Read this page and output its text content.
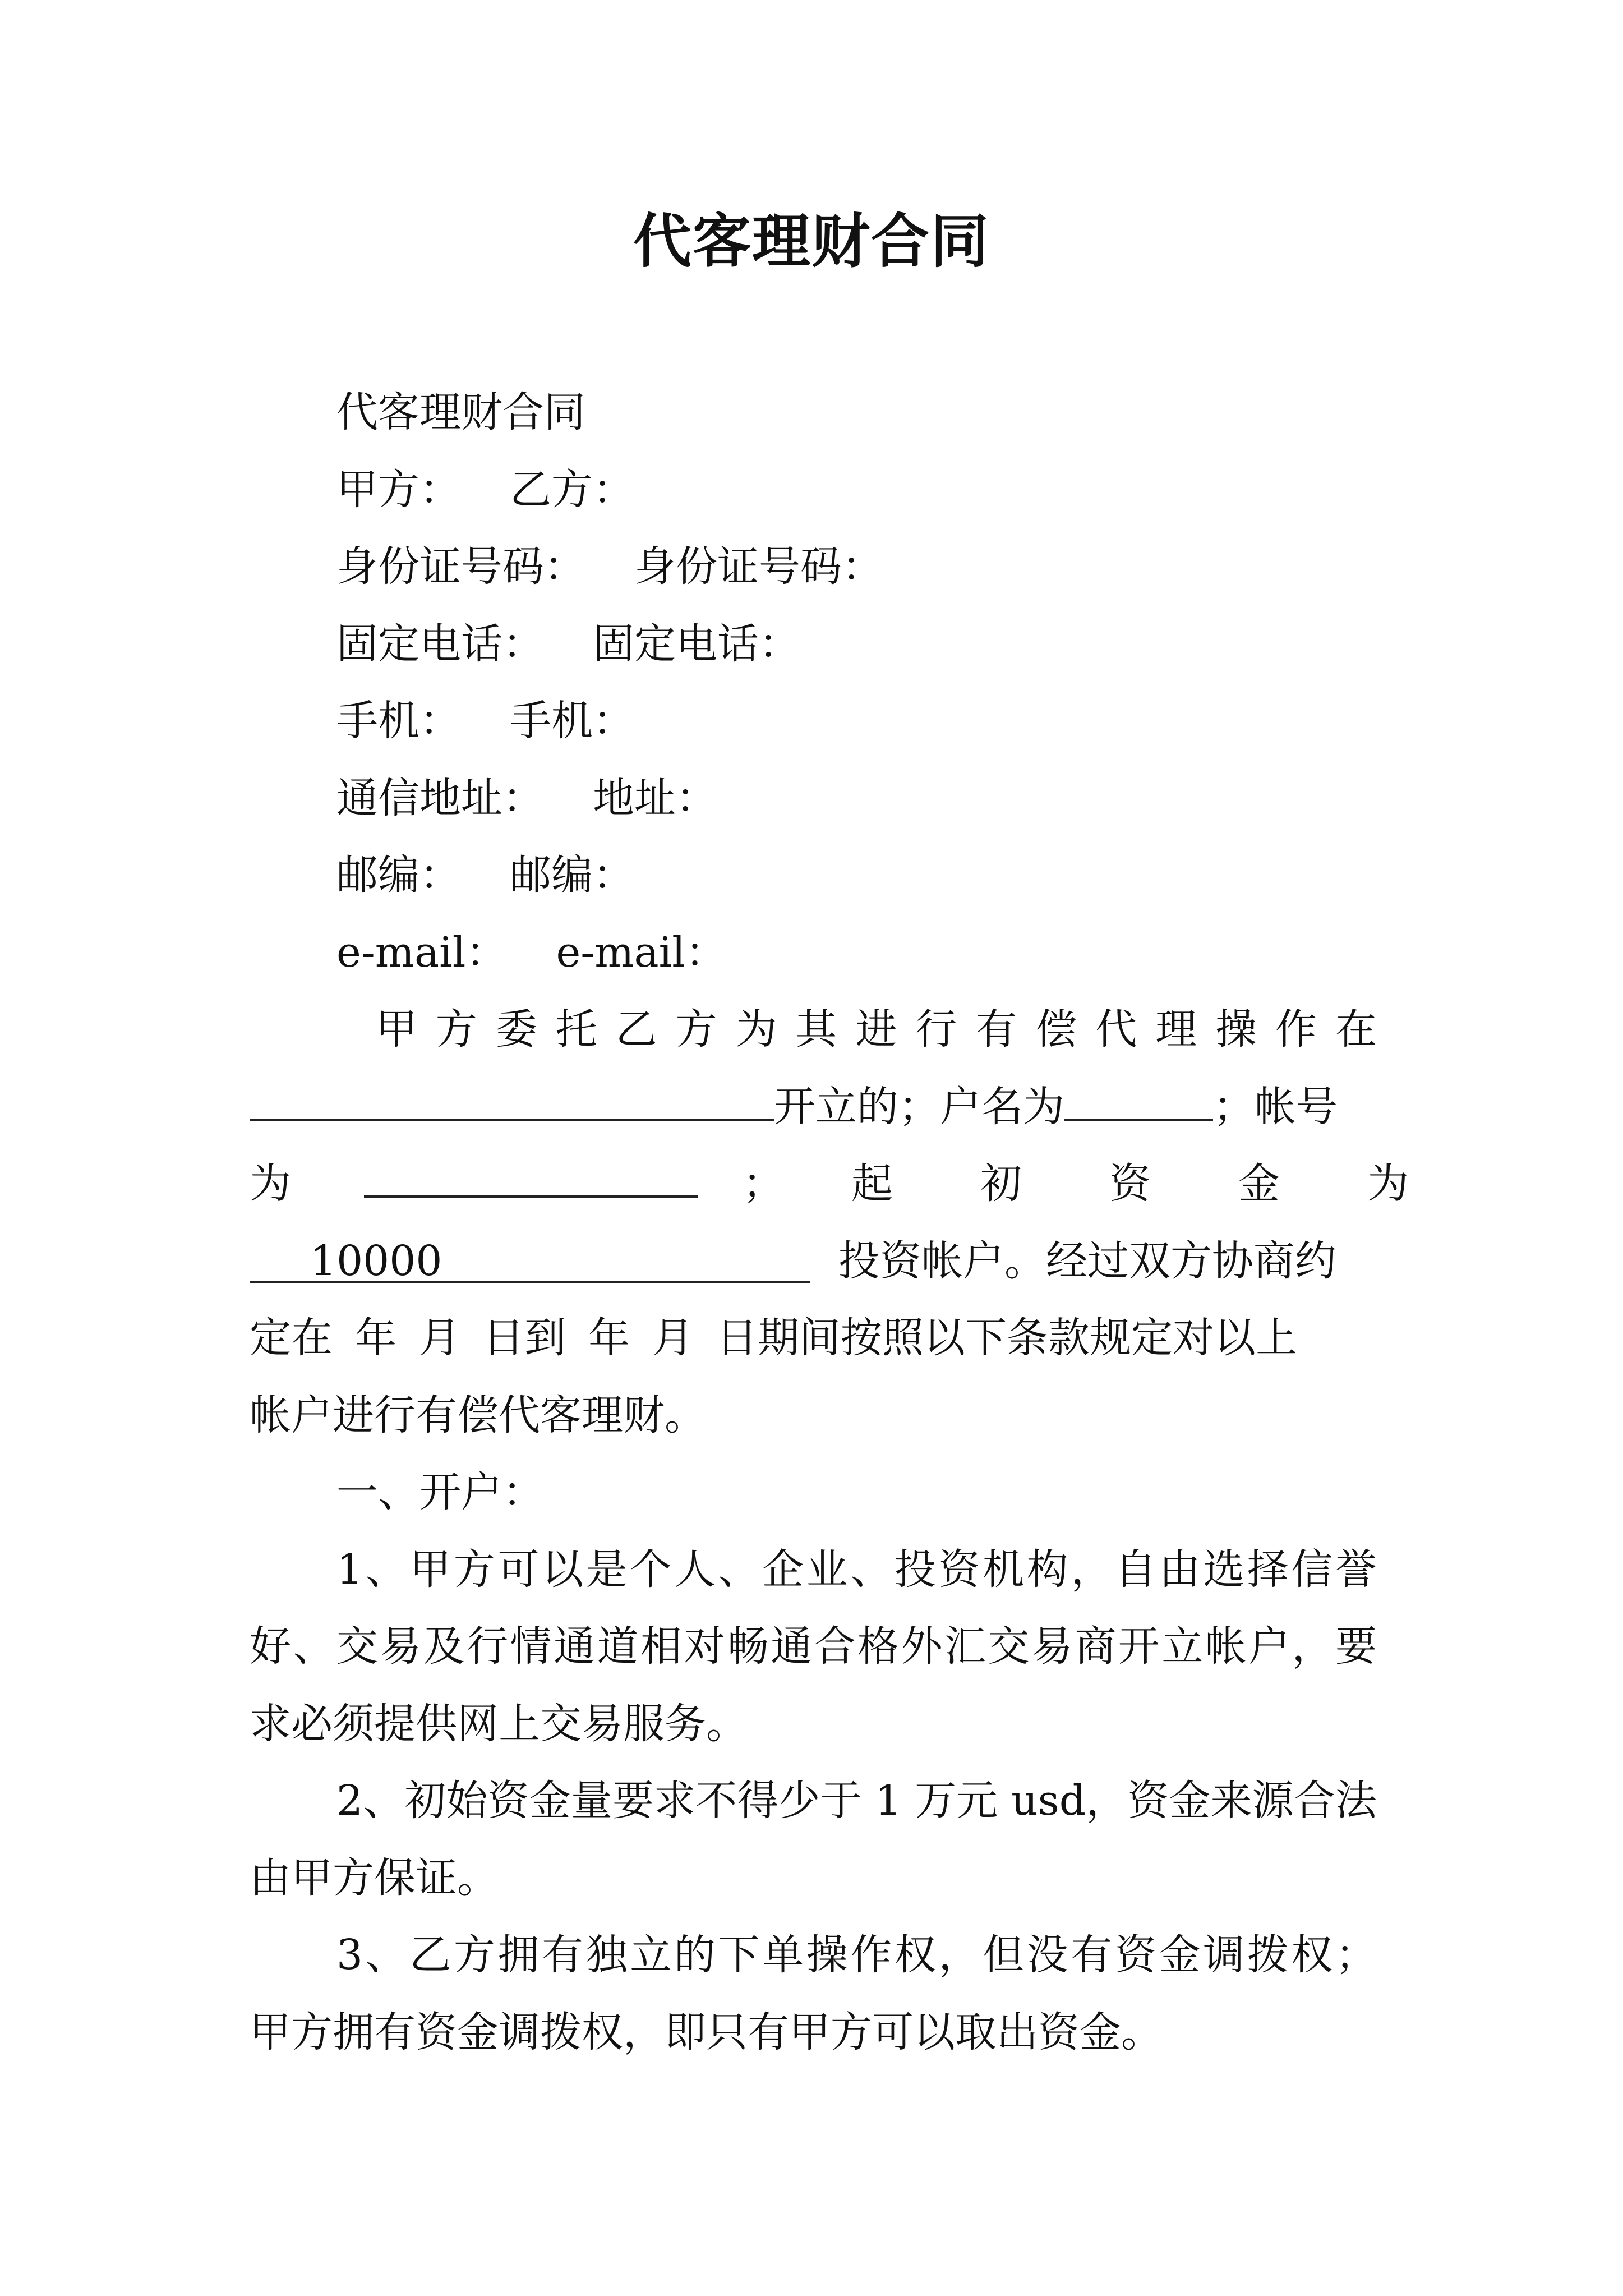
代客理财合同
代客理财合同
甲方： 乙方：
身份证号码： 身份证号码：
固定电话： 固定电话：
手机： 手机：
通信地址： 地址：
邮编： 邮编：
e-mail： e-mail：
甲方委托乙方为其进行有偿代理操作在
开立的；户名为	；帐号
为	； 起 初 资 金 为
10000	投资帐户。经过双方协商约
定在 年 月 日到 年 月 日期间按照以下条款规定对以上
帐户进行有偿代客理财。
一、开户：
1、甲方可以是个人、企业、投资机构，自由选择信誉
好、交易及行情通道相对畅通合格外汇交易商开立帐户，要
求必须提供网上交易服务。
2、初始资金量要求不得少于 1 万元 usd，资金来源合法
由甲方保证。
3、乙方拥有独立的下单操作权，但没有资金调拨权；
甲方拥有资金调拨权，即只有甲方可以取出资金。
